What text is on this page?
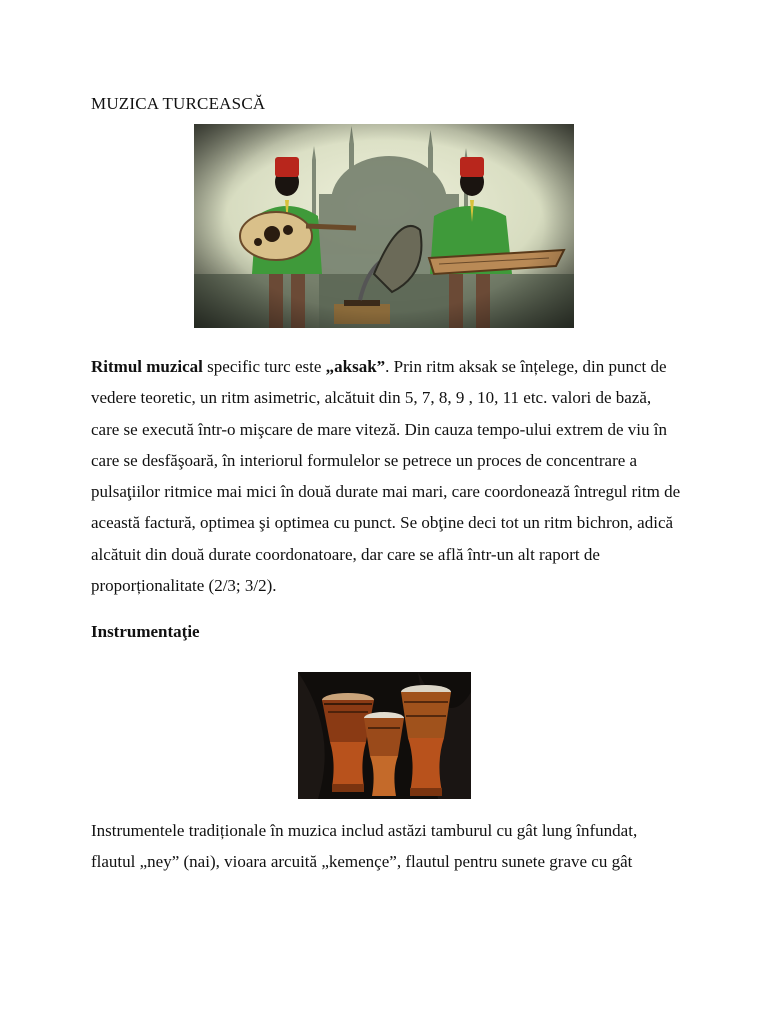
MUZICA TURCEASCĂ
Ritmul muzical specific turc este „aksak”. Prin ritm aksak se înțelege, din punct de vedere teoretic, un ritm asimetric, alcătuit din 5, 7, 8, 9 , 10, 11 etc. valori de bază, care se execută într-o mişcare de mare viteză. Din cauza tempo-ului extrem de viu în care se desfăşoară, în interiorul formulelor se petrece un proces de concentrare a pulsaţiilor ritmice mai mici în două durate mai mari, care coordonează întregul ritm de această factură, optimea şi optimea cu punct. Se obţine deci tot un ritm bichron, adică alcătuit din două durate coordonatoare, dar care se află într-un alt raport de proporționalitate (2/3; 3/2).
Instrumentaţie
Instrumentele tradiționale în muzica includ astăzi tamburul cu gât lung înfundat, flautul „ney” (nai), vioara arcuită „kemençe”, flautul pentru sunete grave cu gât
